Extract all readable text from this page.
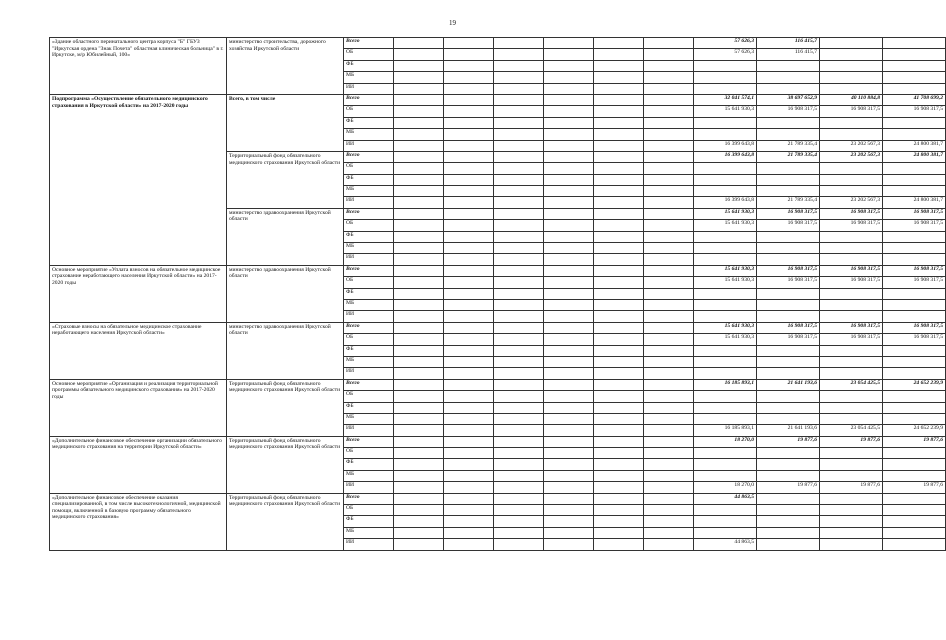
19
«Здание областного перинатального центра корпуса "Б" ГБУЗ "Иркутская ордена "Знак Почета" областная клиническая больница" в г. Иркутске, м/р Юбилейный, 100»	министерство строительства, дорожного хозяйства Иркутской области	Всего							57 626,3	116 415,7		
		ОБ							57 626,3	116 415,7		
		ФБ										
		МБ										
		ИИ										
Подпрограмма «Осуществление обязательного медицинского страхования в Иркутской области» на 2017-2020 годы	Всего, в том числе	Всего							32 041 574,1	38 697 652,9	40 110 884,8	41 708 699,2
		ОБ							15 641 930,3	16 908 317,5	16 908 317,5	16 908 317,5
		ФБ										
		МБ										
		ИИ							16 399 643,8	21 789 335,4	23 202 567,3	24 800 381,7
	Территориальный фонд обязательного медицинского страхования Иркутской области	Всего							16 399 643,8	21 789 335,4	23 202 567,3	24 800 381,7
		ОБ										
		ФБ										
		МБ										
		ИИ							16 399 643,8	21 789 335,4	23 202 567,3	24 800 381,7
	министерство здравоохранения Иркутской области	Всего							15 641 930,3	16 908 317,5	16 908 317,5	16 908 317,5
		ОБ							15 641 930,3	16 908 317,5	16 908 317,5	16 908 317,5
		ФБ										
		МБ										
		ИИ										
Основное мероприятие «Уплата взносов на обязательное медицинское страхование неработающего населения Иркутской области» на 2017-2020 годы	министерство здравоохранения Иркутской области	Всего							15 641 930,3	16 908 317,5	16 908 317,5	16 908 317,5
		ОБ							15 641 930,3	16 908 317,5	16 908 317,5	16 908 317,5
		ФБ										
		МБ										
		ИИ										
«Страховые взносы на обязательное медицинское страхование неработающего населения Иркутской области»	министерство здравоохранения Иркутской области	Всего							15 641 930,3	16 908 317,5	16 908 317,5	16 908 317,5
		ОБ							15 641 930,3	16 908 317,5	16 908 317,5	16 908 317,5
		ФБ										
		МБ										
		ИИ										
Основное мероприятие «Организация и реализация территориальной программы обязательного медицинского страхования» на 2017-2020 годы	Территориальный фонд обязательного медицинского страхования Иркутской области	Всего							16 185 893,1	21 641 193,6	23 054 425,5	24 652 239,9
		ОБ										
		ФБ										
		МБ										
		ИИ							16 185 893,1	21 641 193,6	23 054 425,5	24 652 239,9
«Дополнительное финансовое обеспечение организации обязательного медицинского страхования на территории Иркутской области»	Территориальный фонд обязательного медицинского страхования Иркутской области	Всего							18 270,0	19 877,6	19 877,6	19 877,6
		ОБ										
		ФБ										
		МБ										
		ИИ							18 270,0	19 877,6	19 877,6	19 877,6
«Дополнительное финансовое обеспечение оказания специализированной, в том числе высокотехнологичной, медицинской помощи, включенной в базовую программу обязательного медицинского страхования»	Территориальный фонд обязательного медицинского страхования Иркутской области	Всего							44 863,5			
		ОБ										
		ФБ										
		МБ										
		ИИ							44 863,5			
